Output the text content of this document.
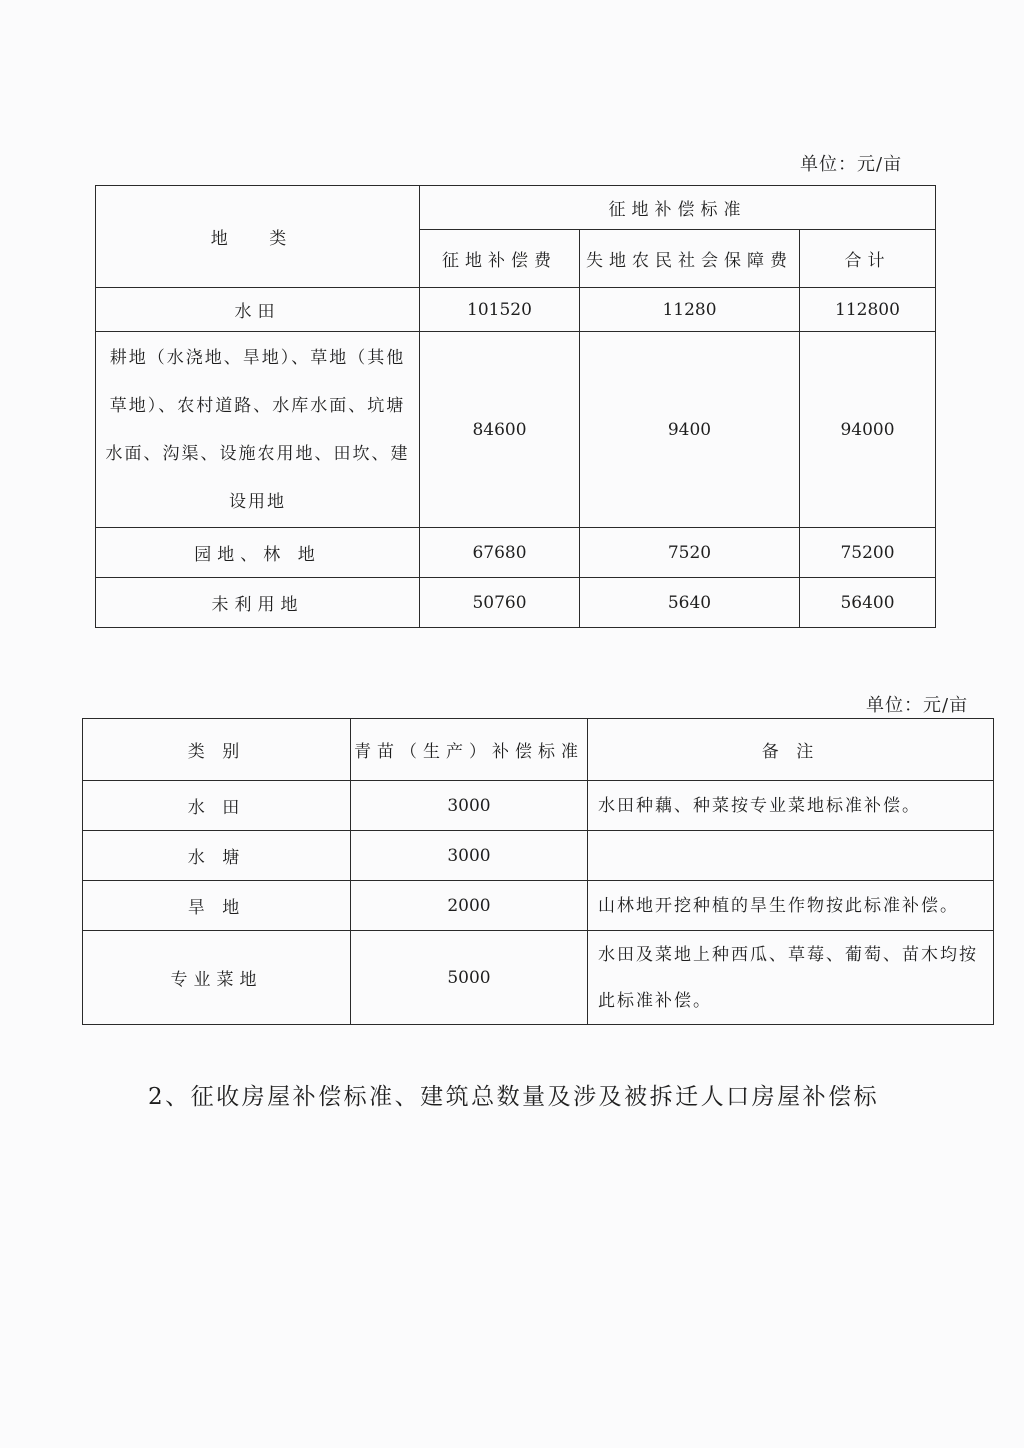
单位：元/亩
地 类	征地补偿标准		
	征地补偿费	失地农民社会保障费	合计
水田	101520	11280	112800

耕地（水浇地、旱地）、草地（其他草地）、农村道路、水库水面、坑塘水面、沟渠、设施农用地、田坎、建设用地	84600	9400	94000
园地、林 地	67680	7520	75200
未利用地	50760	5640	56400
单位：元/亩
类 别	青苗（生产）补偿标准	备 注
水 田	3000	水田种藕、种菜按专业菜地标准补偿。
水 塘	3000	
旱 地	2000	山林地开挖种植的旱生作物按此标准补偿。
专业菜地	5000	水田及菜地上种西瓜、草莓、葡萄、苗木均按此标准补偿。
2、征收房屋补偿标准、建筑总数量及涉及被拆迁人口房屋补偿标
